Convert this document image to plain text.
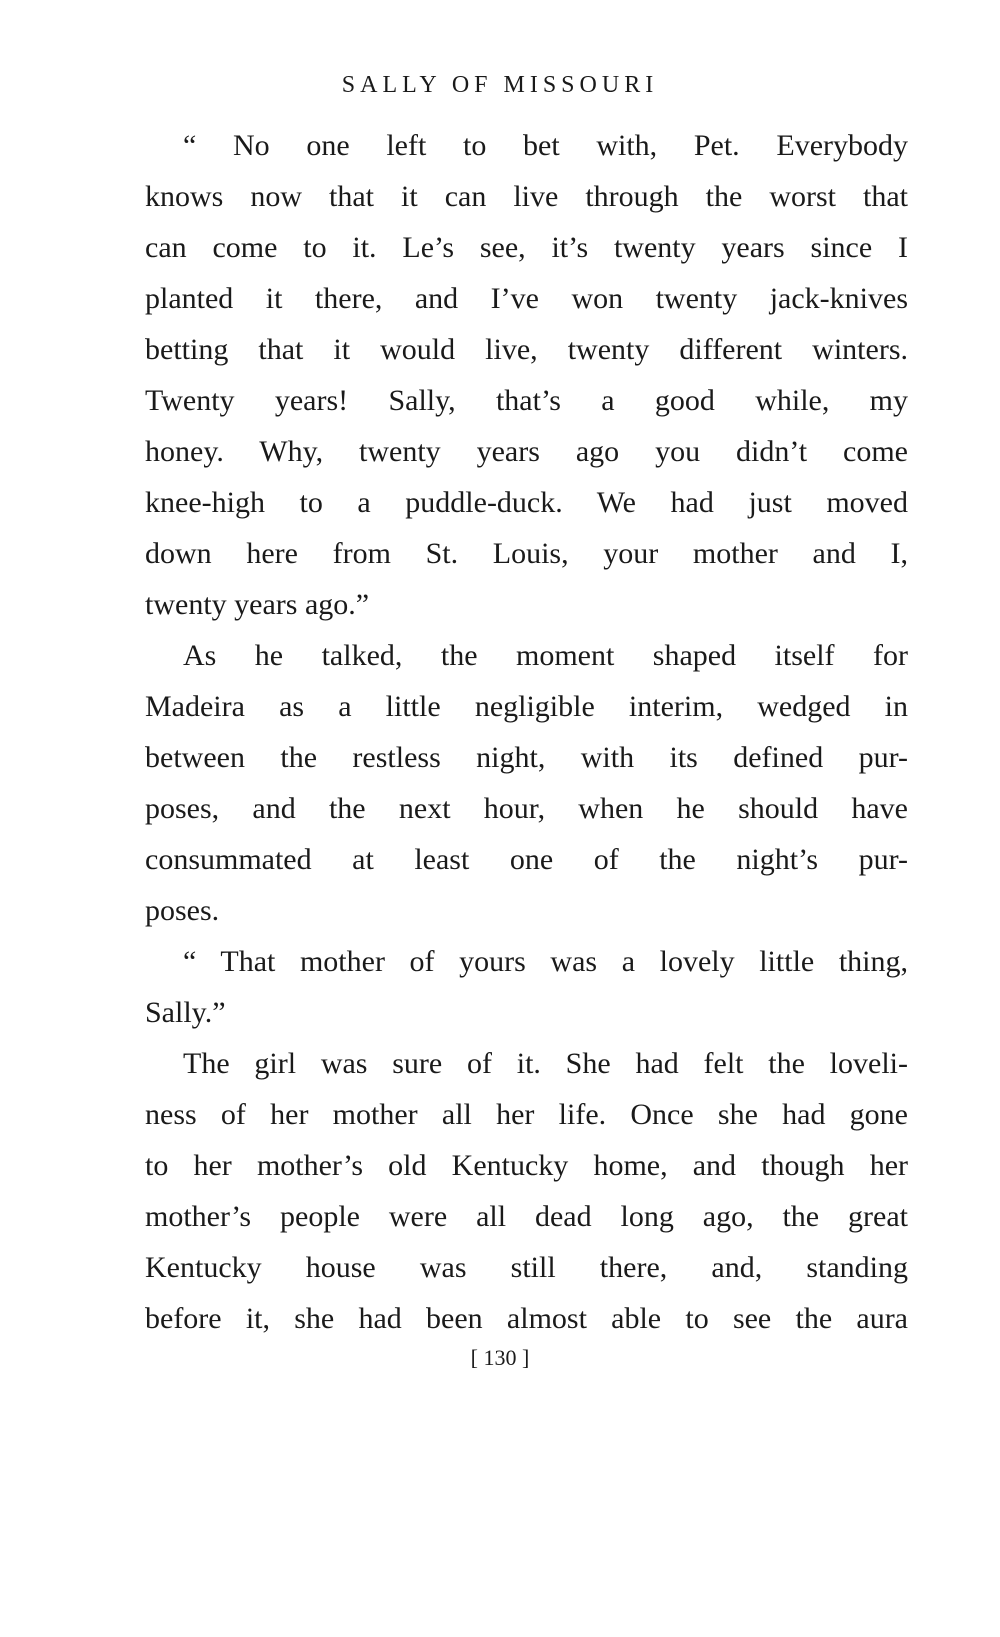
SALLY OF MISSOURI
“ No one left to bet with, Pet. Everybody
knows now that it can live through the worst that
can come to it. Le’s see, it’s twenty years since I
planted it there, and I’ve won twenty jack-knives
betting that it would live, twenty different winters.
Twenty years! Sally, that’s a good while, my
honey. Why, twenty years ago you didn’t come
knee-high to a puddle-duck. We had just moved
down here from St. Louis, your mother and I,
twenty years ago.”
As he talked, the moment shaped itself for
Madeira as a little negligible interim, wedged in
between the restless night, with its defined pur-
poses, and the next hour, when he should have
consummated at least one of the night’s pur-
poses.
“ That mother of yours was a lovely little thing,
Sally.”
The girl was sure of it. She had felt the loveli-
ness of her mother all her life. Once she had gone
to her mother’s old Kentucky home, and though her
mother’s people were all dead long ago, the great
Kentucky house was still there, and, standing
before it, she had been almost able to see the aura
[ 130 ]
